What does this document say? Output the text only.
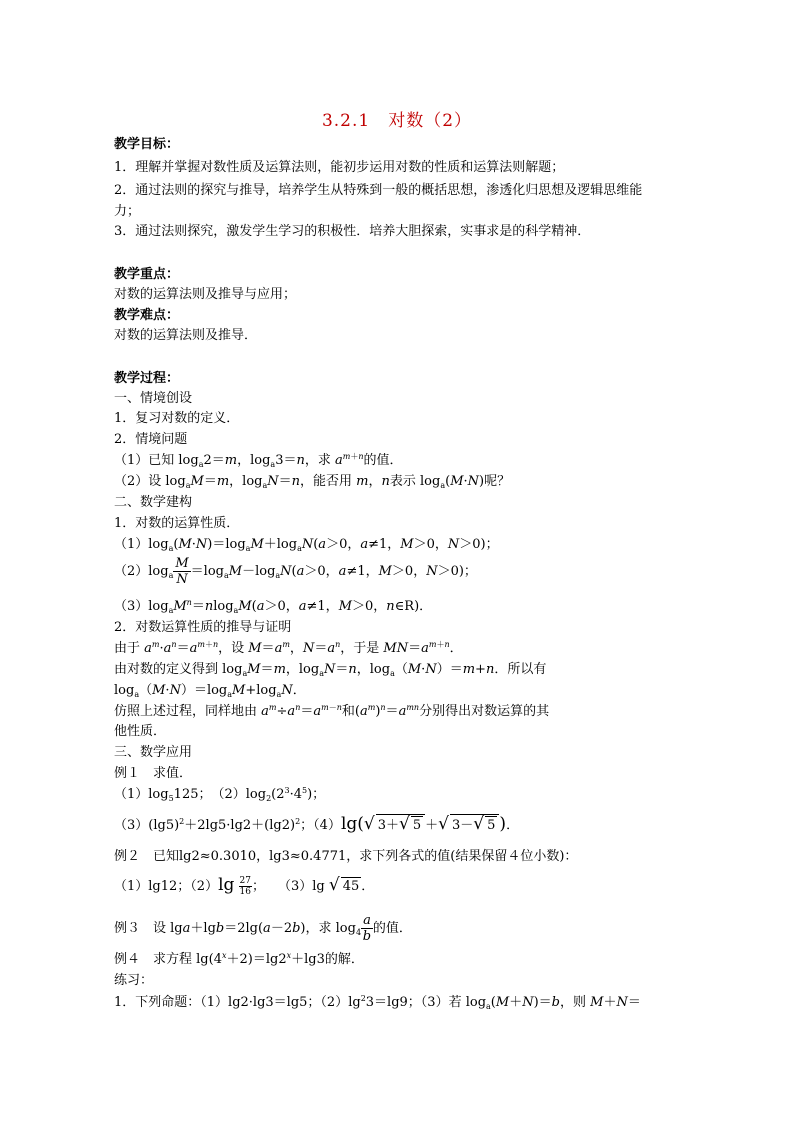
3.2.1　对数（2）
教学目标：
1．理解并掌握对数性质及运算法则，能初步运用对数的性质和运算法则解题；
2．通过法则的探究与推导，培养学生从特殊到一般的概括思想，渗透化归思想及逻辑思维能
力；
3．通过法则探究，激发学生学习的积极性．培养大胆探索，实事求是的科学精神．
教学重点：
对数的运算法则及推导与应用；
教学难点：
对数的运算法则及推导．
教学过程：
一、情境创设
1．复习对数的定义．
2．情境问题
（1）已知 $\log_a2=m$，$\log_a3=n$，求 $a^{m+n}$的值．
（2）设 $\log_aM=m$，$\log_aN=n$，能否用 m，n表示 $\log_a(M\cdot N)$呢？
二、数学建构
1．对数的运算性质．
$(1)\log_a(M\cdot N)=\log_aM+\log_aN(a>0$，a≠1，M＞0，N＞0)；
$(2)\log_a \frac{M}{N} =\log_aM-\log_aN(a>0$，a≠1，M＞0，N＞0)；
$(3)\log_aM^n=nlog_aM(a>0$，a≠1，M＞0，n∈R)．
2．对数运算性质的推导与证明
由于 $a^m\cdot a^n=a^{m+n}$，设 $M=a^m$，$N=a^n$，于是 $MN=a^{m+n}$．
由对数的定义得到 $\log_aM=m$，$\log_aN=n$，$\log_a(M\cdot N)=m+n$．所以有
$\log_a(M\cdot N)=\log_aM+\log_aN$．
仿照上述过程，同样地由 $a^m\div a^n=a^{m-n}$和$(a^m)^n=a^{mn}$分别得出对数运算的其
他性质．
三、数学应用
例１　求值．
$(1)\log_5125$；　$(2)\log_2(2^3\cdot 4^5)$；
$(3)(\lg 5)^2+2\lg 5\cdot\lg 2+(\lg 2)^2$；（4）lg(√ 3＋√ 5 ＋√ 3－√ 5 )．
例２　已知lg2≈0.3010，lg3≈0.4771，求下列各式的值(结果保留４位小数)：
（1）lg12；$(2)\lg \frac{27}{16}$ ；　　（3）lg √ 45 ．
例３　设 lga＋lgb＝2lg(a－2b)，求 $\log_4 \frac{a}{b}$ 的值．
例４　求方程 $\lg(4^x+2)=\lg 2^x+\lg 3$的解．
练习：
1．下列命题：（1）lg2·lg3＝lg5；$(2)\lg^23=\lg 9$；（3）若 $\log_a(M+N)=b$，则 M＋N＝
